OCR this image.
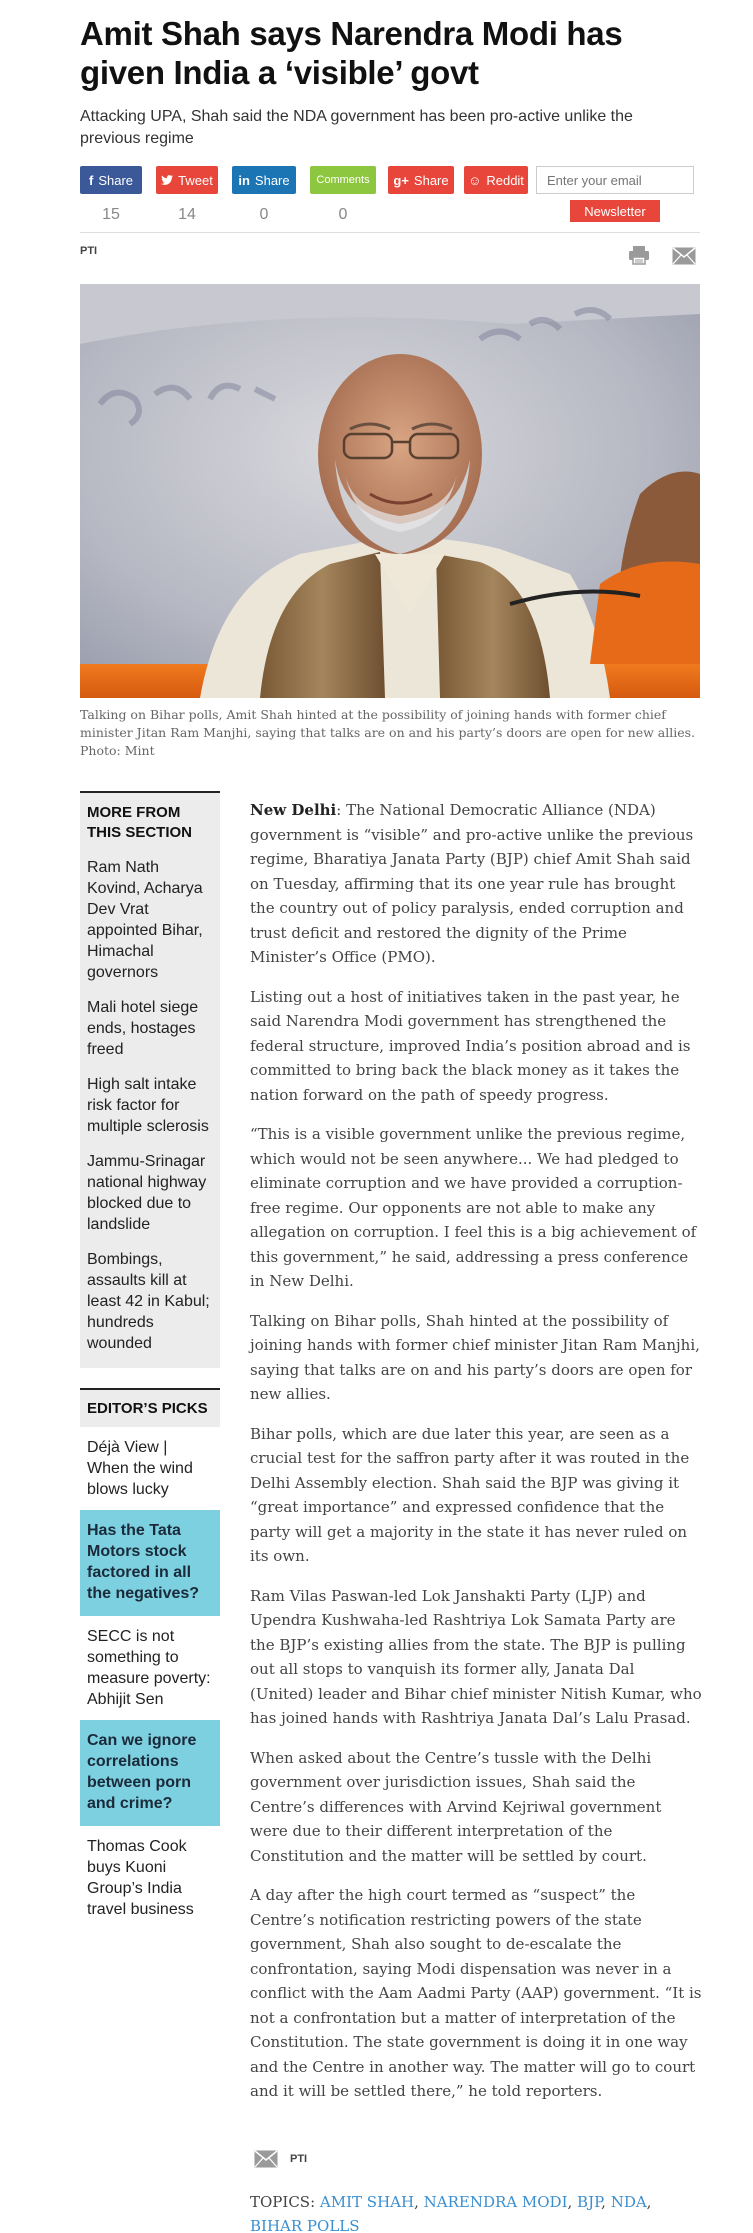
Amit Shah says Narendra Modi has given India a ‘visible’ govt
Attacking UPA, Shah said the NDA government has been pro-active unlike the previous regime
f Share
15
Tweet
14
in Share
0
Comments
0
g+ Share ☺ Reddit
Enter your email
Newsletter
PTI
Talking on Bihar polls, Amit Shah hinted at the possibility of joining hands with former chief minister Jitan Ram Manjhi, saying that talks are on and his party’s doors are open for new allies. Photo: Mint
MORE FROM THIS SECTION
Ram Nath Kovind, Acharya Dev Vrat appointed Bihar, Himachal governors
Mali hotel siege ends, hostages freed
High salt intake risk factor for multiple sclerosis
Jammu-Srinagar national highway blocked due to landslide
Bombings, assaults kill at least 42 in Kabul; hundreds wounded
EDITOR’S PICKS
Déjà View | When the wind blows lucky
Has the Tata Motors stock factored in all the negatives?
SECC is not something to measure poverty: Abhijit Sen
Can we ignore correlations between porn and crime?
Thomas Cook buys Kuoni Group’s India travel business

New Delhi: The National Democratic Alliance (NDA) government is “visible” and pro-active unlike the previous regime, Bharatiya Janata Party (BJP) chief Amit Shah said on Tuesday, affirming that its one year rule has brought the country out of policy paralysis, ended corruption and trust deficit and restored the dignity of the Prime Minister’s Office (PMO).

Listing out a host of initiatives taken in the past year, he said Narendra Modi government has strengthened the federal structure, improved India’s position abroad and is committed to bring back the black money as it takes the nation forward on the path of speedy progress.

“This is a visible government unlike the previous regime, which would not be seen anywhere... We had pledged to eliminate corruption and we have provided a corruption-free regime. Our opponents are not able to make any allegation on corruption. I feel this is a big achievement of this government,” he said, addressing a press conference in New Delhi.

Talking on Bihar polls, Shah hinted at the possibility of joining hands with former chief minister Jitan Ram Manjhi, saying that talks are on and his party’s doors are open for new allies.

Bihar polls, which are due later this year, are seen as a crucial test for the saffron party after it was routed in the Delhi Assembly election. Shah said the BJP was giving it “great importance” and expressed confidence that the party will get a majority in the state it has never ruled on its own.

Ram Vilas Paswan-led Lok Janshakti Party (LJP) and Upendra Kushwaha-led Rashtriya Lok Samata Party are the BJP’s existing allies from the state. The BJP is pulling out all stops to vanquish its former ally, Janata Dal (United) leader and Bihar chief minister Nitish Kumar, who has joined hands with Rashtriya Janata Dal’s Lalu Prasad.

When asked about the Centre’s tussle with the Delhi government over jurisdiction issues, Shah said the Centre’s differences with Arvind Kejriwal government were due to their different interpretation of the Constitution and the matter will be settled by court.

A day after the high court termed as “suspect” the Centre’s notification restricting powers of the state government, Shah also sought to de-escalate the confrontation, saying Modi dispensation was never in a conflict with the Aam Aadmi Party (AAP) government. “It is not a confrontation but a matter of interpretation of the Constitution. The state government is doing it in one way and the Centre in another way. The matter will go to court and it will be settled there,” he told reporters.

PTI
TOPICS: AMIT SHAH, NARENDRA MODI, BJP, NDA, BIHAR POLLS
